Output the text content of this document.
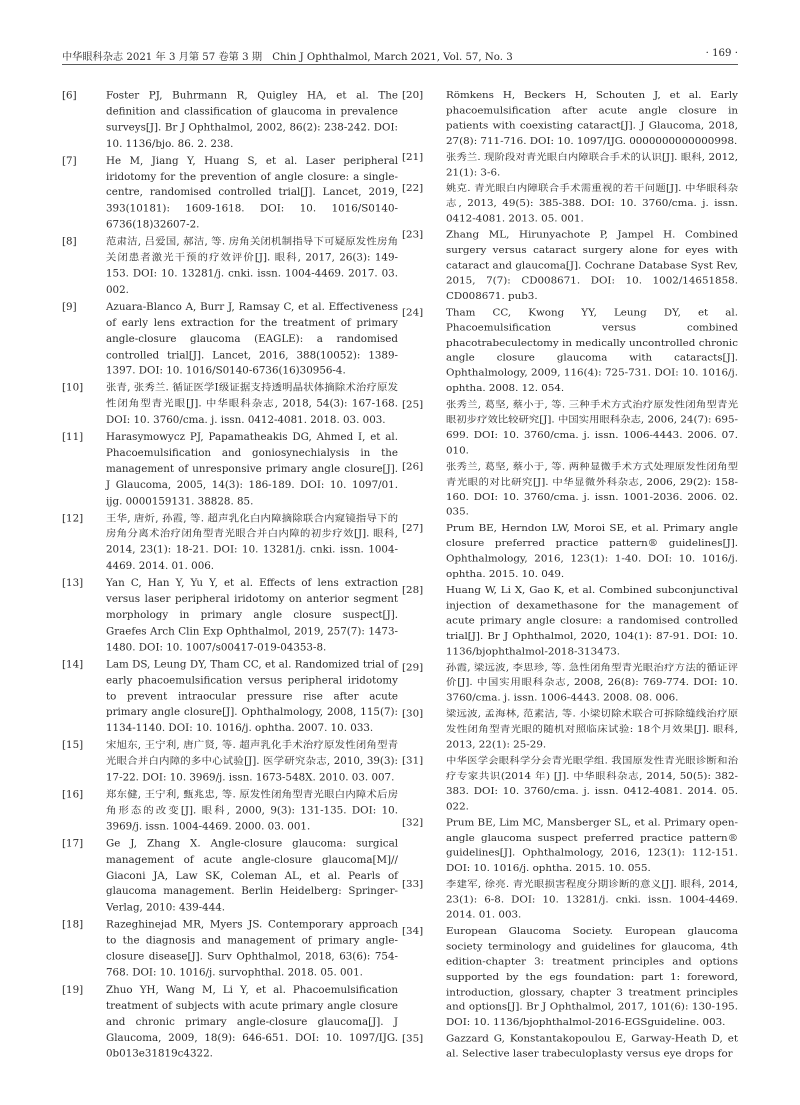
中华眼科杂志 2021 年 3 月第 57 卷第 3 期　Chin J Ophthalmol, March 2021, Vol. 57, No. 3	· 169 ·
[6]	Foster PJ, Buhrmann R, Quigley HA, et al. The definition and classification of glaucoma in prevalence surveys[J]. Br J Ophthalmol, 2002, 86(2): 238-242. DOI: 10. 1136/bjo. 86. 2. 238.
[7]	He M, Jiang Y, Huang S, et al. Laser peripheral iridotomy for the prevention of angle closure: a single-centre, randomised controlled trial[J]. Lancet, 2019, 393(10181): 1609-1618. DOI: 10. 1016/S0140-6736(18)32607-2.
[8]	范肃洁, 吕爱国, 郝洁, 等. 房角关闭机制指导下可疑原发性房角关闭患者激光干预的疗效评价[J]. 眼科, 2017, 26(3): 149-153. DOI: 10. 13281/j. cnki. issn. 1004-4469. 2017. 03. 002.
[9]	Azuara-Blanco A, Burr J, Ramsay C, et al. Effectiveness of early lens extraction for the treatment of primary angle-closure glaucoma (EAGLE): a randomised controlled trial[J]. Lancet, 2016, 388(10052): 1389-1397. DOI: 10. 1016/S0140-6736(16)30956-4.
[10]	张青, 张秀兰. 循证医学Ⅰ级证据支持透明晶状体摘除术治疗原发性闭角型青光眼[J]. 中华眼科杂志, 2018, 54(3): 167-168. DOI: 10. 3760/cma. j. issn. 0412-4081. 2018. 03. 003.
[11]	Harasymowycz PJ, Papamatheakis DG, Ahmed I, et al. Phacoemulsification and goniosynechialysis in the management of unresponsive primary angle closure[J]. J Glaucoma, 2005, 14(3): 186-189. DOI: 10. 1097/01. ijg. 0000159131. 38828. 85.
[12]	王华, 唐炘, 孙霞, 等. 超声乳化白内障摘除联合内窥镜指导下的房角分离术治疗闭角型青光眼合并白内障的初步疗效[J]. 眼科, 2014, 23(1): 18-21. DOI: 10. 13281/j. cnki. issn. 1004-4469. 2014. 01. 006.
[13]	Yan C, Han Y, Yu Y, et al. Effects of lens extraction versus laser peripheral iridotomy on anterior segment morphology in primary angle closure suspect[J]. Graefes Arch Clin Exp Ophthalmol, 2019, 257(7): 1473-1480. DOI: 10. 1007/s00417-019-04353-8.
[14]	Lam DS, Leung DY, Tham CC, et al. Randomized trial of early phacoemulsification versus peripheral iridotomy to prevent intraocular pressure rise after acute primary angle closure[J]. Ophthalmology, 2008, 115(7): 1134-1140. DOI: 10. 1016/j. ophtha. 2007. 10. 033.
[15]	宋旭东, 王宁利, 唐广贤, 等. 超声乳化手术治疗原发性闭角型青光眼合并白内障的多中心试验[J]. 医学研究杂志, 2010, 39(3): 17-22. DOI: 10. 3969/j. issn. 1673-548X. 2010. 03. 007.
[16]	郑东健, 王宁利, 甄兆忠, 等. 原发性闭角型青光眼白内障术后房角形态的改变[J]. 眼科, 2000, 9(3): 131-135. DOI: 10. 3969/j. issn. 1004-4469. 2000. 03. 001.
[17]	Ge J, Zhang X. Angle-closure glaucoma: surgical management of acute angle-closure glaucoma[M]// Giaconi JA, Law SK, Coleman AL, et al. Pearls of glaucoma management. Berlin Heidelberg: Springer-Verlag, 2010: 439-444.
[18]	Razeghinejad MR, Myers JS. Contemporary approach to the diagnosis and management of primary angle-closure disease[J]. Surv Ophthalmol, 2018, 63(6): 754-768. DOI: 10. 1016/j. survophthal. 2018. 05. 001.
[19]	Zhuo YH, Wang M, Li Y, et al. Phacoemulsification treatment of subjects with acute primary angle closure and chronic primary angle-closure glaucoma[J]. J Glaucoma, 2009, 18(9): 646-651. DOI: 10. 1097/IJG. 0b013e31819c4322.
[20]	Römkens H, Beckers H, Schouten J, et al. Early phacoemulsification after acute angle closure in patients with coexisting cataract[J]. J Glaucoma, 2018, 27(8): 711-716. DOI: 10. 1097/IJG. 0000000000000998.
[21]	张秀兰. 现阶段对青光眼白内障联合手术的认识[J]. 眼科, 2012, 21(1): 3-6.
[22]	姚克. 青光眼白内障联合手术需重视的若干问题[J]. 中华眼科杂志, 2013, 49(5): 385-388. DOI: 10. 3760/cma. j. issn. 0412-4081. 2013. 05. 001.
[23]	Zhang ML, Hirunyachote P, Jampel H. Combined surgery versus cataract surgery alone for eyes with cataract and glaucoma[J]. Cochrane Database Syst Rev, 2015, 7(7): CD008671. DOI: 10. 1002/14651858. CD008671. pub3.
[24]	Tham CC, Kwong YY, Leung DY, et al. Phacoemulsification versus combined phacotrabeculectomy in medically uncontrolled chronic angle closure glaucoma with cataracts[J]. Ophthalmology, 2009, 116(4): 725-731. DOI: 10. 1016/j. ophtha. 2008. 12. 054.
[25]	张秀兰, 葛坚, 蔡小于, 等. 三种手术方式治疗原发性闭角型青光眼初步疗效比较研究[J]. 中国实用眼科杂志, 2006, 24(7): 695-699. DOI: 10. 3760/cma. j. issn. 1006-4443. 2006. 07. 010.
[26]	张秀兰, 葛坚, 蔡小于, 等. 两种显微手术方式处理原发性闭角型青光眼的对比研究[J]. 中华显微外科杂志, 2006, 29(2): 158-160. DOI: 10. 3760/cma. j. issn. 1001-2036. 2006. 02. 035.
[27]	Prum BE, Herndon LW, Moroi SE, et al. Primary angle closure preferred practice pattern® guidelines[J]. Ophthalmology, 2016, 123(1): 1-40. DOI: 10. 1016/j. ophtha. 2015. 10. 049.
[28]	Huang W, Li X, Gao K, et al. Combined subconjunctival injection of dexamethasone for the management of acute primary angle closure: a randomised controlled trial[J]. Br J Ophthalmol, 2020, 104(1): 87-91. DOI: 10. 1136/bjophthalmol-2018-313473.
[29]	孙霞, 梁远波, 李思珍, 等. 急性闭角型青光眼治疗方法的循证评价[J]. 中国实用眼科杂志, 2008, 26(8): 769-774. DOI: 10. 3760/cma. j. issn. 1006-4443. 2008. 08. 006.
[30]	梁远波, 孟海林, 范素洁, 等. 小梁切除术联合可拆除缝线治疗原发性闭角型青光眼的随机对照临床试验: 18个月效果[J]. 眼科, 2013, 22(1): 25-29.
[31]	中华医学会眼科学分会青光眼学组. 我国原发性青光眼诊断和治疗专家共识(2014 年) [J]. 中华眼科杂志, 2014, 50(5): 382-383. DOI: 10. 3760/cma. j. issn. 0412-4081. 2014. 05. 022.
[32]	Prum BE, Lim MC, Mansberger SL, et al. Primary open-angle glaucoma suspect preferred practice pattern® guidelines[J]. Ophthalmology, 2016, 123(1): 112-151. DOI: 10. 1016/j. ophtha. 2015. 10. 055.
[33]	李建军, 徐亮. 青光眼损害程度分期诊断的意义[J]. 眼科, 2014, 23(1): 6-8. DOI: 10. 13281/j. cnki. issn. 1004-4469. 2014. 01. 003.
[34]	European Glaucoma Society. European glaucoma society terminology and guidelines for glaucoma, 4th edition-chapter 3: treatment principles and options supported by the egs foundation: part 1: foreword, introduction, glossary, chapter 3 treatment principles and options[J]. Br J Ophthalmol, 2017, 101(6): 130-195. DOI: 10. 1136/bjophthalmol-2016-EGSguideline. 003.
[35]	Gazzard G, Konstantakopoulou E, Garway-Heath D, et al. Selective laser trabeculoplasty versus eye drops for
